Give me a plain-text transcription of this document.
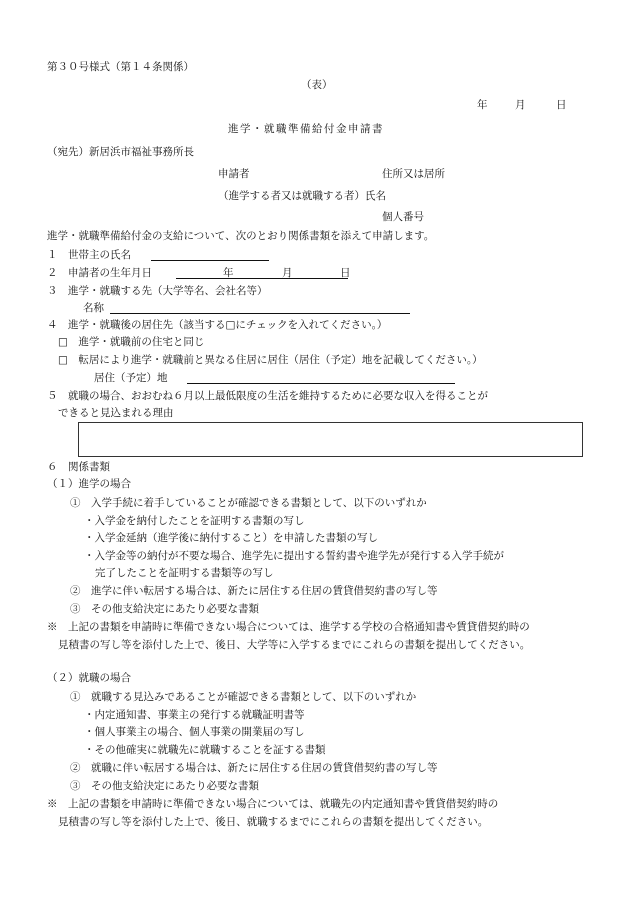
第３０号様式（第１４条関係）
（表）
年	月	日
進学・就職準備給付金申請書
（宛先）新居浜市福祉事務所長
申請者	住所又は居所
（進学する者又は就職する者）氏名
個人番号
進学・就職準備給付金の支給について、次のとおり関係書類を添えて申請します。
１　世帯主の氏名
２　申請者の生年月日	年	月	日
３　進学・就職する先（大学等名、会社名等）
名称
４　進学・就職後の居住先（該当する□にチェックを入れてください。）
□　進学・就職前の住宅と同じ
□　転居により進学・就職前と異なる住居に居住（居住（予定）地を記載してください。）
居住（予定）地
５　就職の場合、おおむね６月以上最低限度の生活を維持するために必要な収入を得ることが
できると見込まれる理由
６　関係書類
（１）進学の場合
①　入学手続に着手していることが確認できる書類として、以下のいずれか
・入学金を納付したことを証明する書類の写し
・入学金延納（進学後に納付すること）を申請した書類の写し
・入学金等の納付が不要な場合、進学先に提出する誓約書や進学先が発行する入学手続が
完了したことを証明する書類等の写し
②　進学に伴い転居する場合は、新たに居住する住居の賃貸借契約書の写し等
③　その他支給決定にあたり必要な書類
※　上記の書類を申請時に準備できない場合については、進学する学校の合格通知書や賃貸借契約時の
見積書の写し等を添付した上で、後日、大学等に入学するまでにこれらの書類を提出してください。
（２）就職の場合
①　就職する見込みであることが確認できる書類として、以下のいずれか
・内定通知書、事業主の発行する就職証明書等
・個人事業主の場合、個人事業の開業届の写し
・その他確実に就職先に就職することを証する書類
②　就職に伴い転居する場合は、新たに居住する住居の賃貸借契約書の写し等
③　その他支給決定にあたり必要な書類
※　上記の書類を申請時に準備できない場合については、就職先の内定通知書や賃貸借契約時の
見積書の写し等を添付した上で、後日、就職するまでにこれらの書類を提出してください。
